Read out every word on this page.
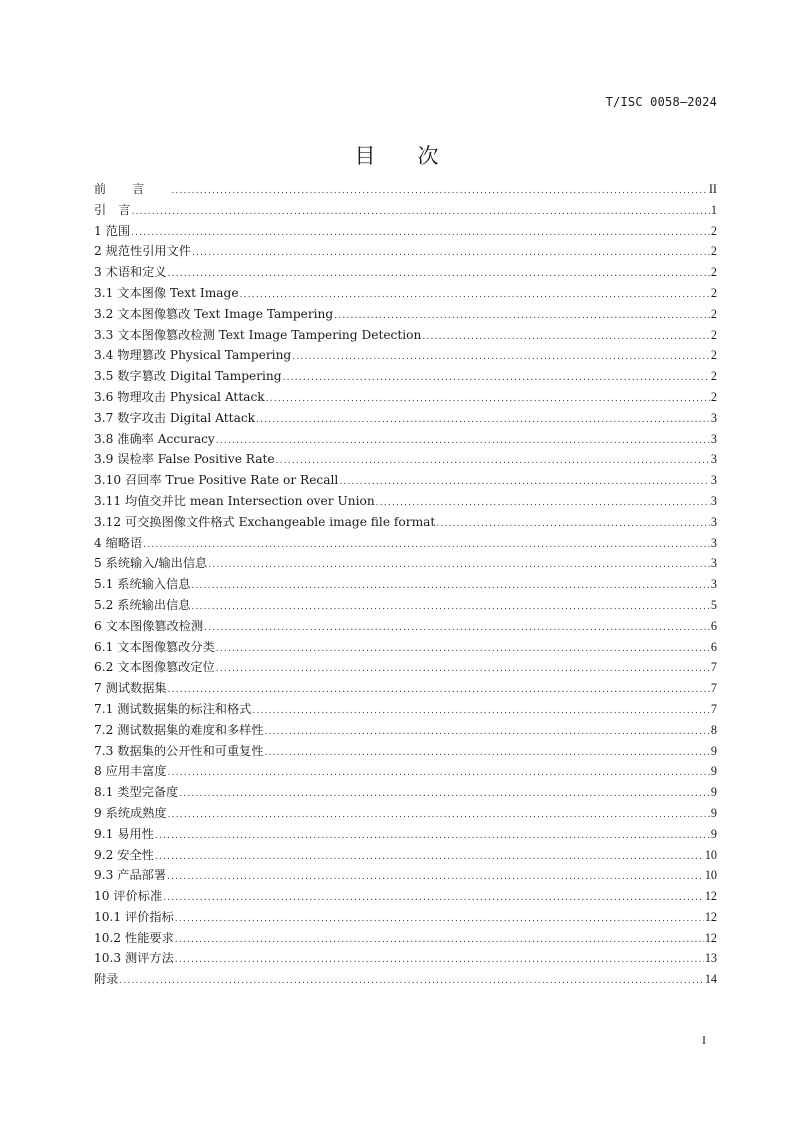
T/ISC 0058—2024
目次
前言 .....	II
引　言 .....	1
1 范围 .....	2
2 规范性引用文件 .....	2
3 术语和定义 .....	2
3.1 文本图像 Text Image .....	2
3.2 文本图像篡改 Text Image Tampering .....	2
3.3 文本图像篡改检测 Text Image Tampering Detection .....	2
3.4 物理篡改 Physical Tampering .....	2
3.5 数字篡改 Digital Tampering .....	2
3.6 物理攻击 Physical Attack .....	2
3.7 数字攻击 Digital Attack .....	3
3.8 准确率 Accuracy .....	3
3.9 误检率 False Positive Rate .....	3
3.10 召回率 True Positive Rate or Recall .....	3
3.11 均值交并比 mean Intersection over Union .....	3
3.12 可交换图像文件格式 Exchangeable image file format .....	3
4 缩略语 .....	3
5 系统输入/输出信息 .....	3
5.1 系统输入信息 .....	3
5.2 系统输出信息 .....	5
6 文本图像篡改检测 .....	6
6.1 文本图像篡改分类 .....	6
6.2 文本图像篡改定位 .....	7
7 测试数据集 .....	7
7.1 测试数据集的标注和格式 .....	7
7.2 测试数据集的难度和多样性 .....	8
7.3 数据集的公开性和可重复性 .....	9
8 应用丰富度 .....	9
8.1 类型完备度 .....	9
9 系统成熟度 .....	9
9.1 易用性 .....	9
9.2 安全性 .....	10
9.3 产品部署 .....	10
10 评价标准 .....	12
10.1 评价指标 .....	12
10.2 性能要求 .....	12
10.3 测评方法 .....	13
附录 .....	14
I
